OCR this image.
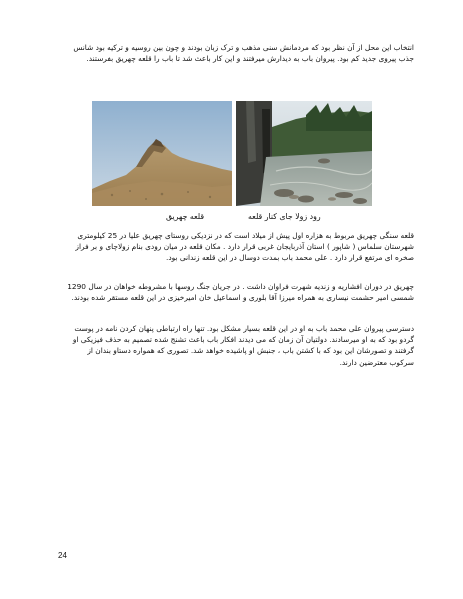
انتخاب این محل از آن نظر بود که مردمانش سنی مذهب و ترک زبان بودند و چون بین روسیه و ترکیه بود شانس جذب پیروی جدید کم بود. پیروان باب به دیدارش میرفتند و این کار باعث شد تا باب را قلعه چهریق بفرستند.

رود زولا جای کنار قلعه
قلعه چهریق

قلعه سنگی چهریق مربوط به هزاره اول پیش از میلاد است که در نزدیکی روستای چهریق علیا در 25 کیلومتری شهرستان سلماس ( شاپور ) استان آذربایجان غربی قرار دارد . مکان قلعه در میان رودی بنام زولاچای و بر فراز صخره ای مرتفع قرار دارد . علی محمد باب بمدت دوسال در این قلعه زندانی بود.

چهریق در دوران افشاریه و زندیه شهرت فراوان داشت . در جریان جنگ روسها با مشروطه خواهان در سال 1290 شمسی امیر حشمت نیساری به همراه میرزا آقا بلوری و اسماعیل خان امیرخیزی در این قلعه مستقر شده بودند.

دسترسی پیروان علی محمد باب به او در این قلعه بسیار مشکل بود. تنها راه ارتباطی پنهان کردن نامه در پوست گردو بود که به او میرسادند. دولتیان آن زمان که می دیدند افکار باب باعث تشنج شده تصمیم به حذف فیزیکی او گرفتند و تصورشان این بود که با کشتن باب ، جنبش او پاشیده خواهد شد. تصوری که همواره دستاو بندان از سرکوب معترضین دارند.

24
